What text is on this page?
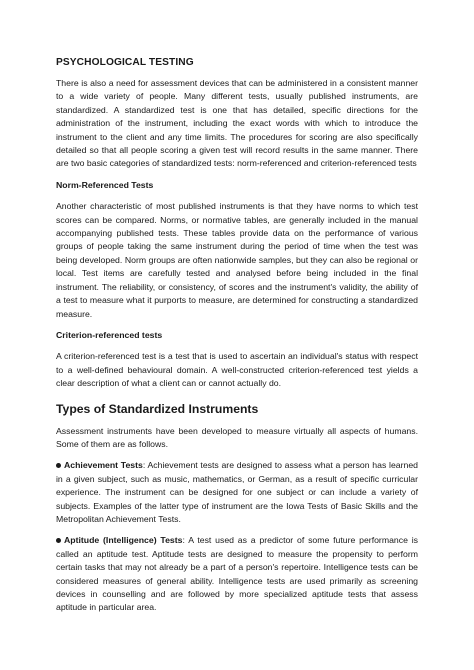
PSYCHOLOGICAL TESTING

There is also a need for assessment devices that can be administered in a consistent manner to a wide variety of people. Many different tests, usually published instruments, are standardized. A standardized test is one that has detailed, specific directions for the administration of the instrument, including the exact words with which to introduce the instrument to the client and any time limits. The procedures for scoring are also specifically detailed so that all people scoring a given test will record results in the same manner. There are two basic categories of standardized tests: norm-referenced and criterion-referenced tests

Norm-Referenced Tests

Another characteristic of most published instruments is that they have norms to which test scores can be compared. Norms, or normative tables, are generally included in the manual accompanying published tests. These tables provide data on the performance of various groups of people taking the same instrument during the period of time when the test was being developed. Norm groups are often nationwide samples, but they can also be regional or local. Test items are carefully tested and analysed before being included in the final instrument. The reliability, or consistency, of scores and the instrument's validity, the ability of a test to measure what it purports to measure, are determined for constructing a standardized measure.

Criterion-referenced tests

A criterion-referenced test is a test that is used to ascertain an individual's status with respect to a well-defined behavioural domain. A well-constructed criterion-referenced test yields a clear description of what a client can or cannot actually do.

Types of Standardized Instruments

Assessment instruments have been developed to measure virtually all aspects of humans. Some of them are as follows.

Achievement Tests: Achievement tests are designed to assess what a person has learned in a given subject, such as music, mathematics, or German, as a result of specific curricular experience. The instrument can be designed for one subject or can include a variety of subjects. Examples of the latter type of instrument are the Iowa Tests of Basic Skills and the Metropolitan Achievement Tests.

Aptitude (Intelligence) Tests: A test used as a predictor of some future performance is called an aptitude test. Aptitude tests are designed to measure the propensity to perform certain tasks that may not already be a part of a person's repertoire. Intelligence tests can be considered measures of general ability. Intelligence tests are used primarily as screening devices in counselling and are followed by more specialized aptitude tests that assess aptitude in particular area.
